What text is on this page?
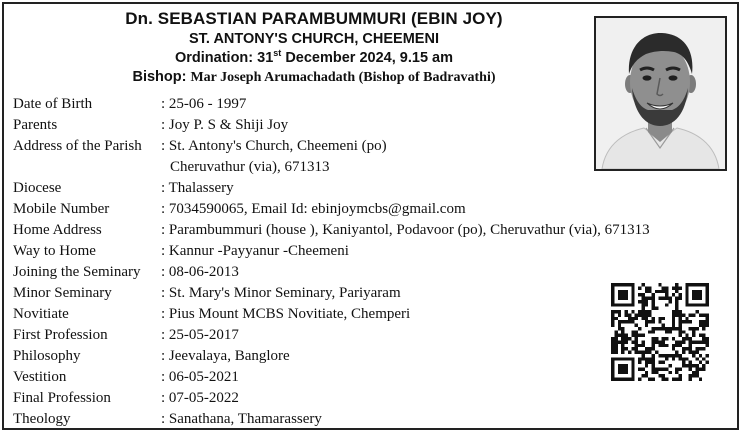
Dn. SEBASTIAN PARAMBUMMURI (EBIN JOY)
ST. ANTONY'S CHURCH, CHEEMENI
Ordination: 31st December 2024, 9.15 am
Bishop: Mar Joseph Arumachadath (Bishop of Badravathi)
Date of Birth	: 25-06 - 1997
Parents	: Joy P. S & Shiji Joy
Address of the Parish : St. Antony's Church, Cheemeni (po)
Cheruvathur (via), 671313
Diocese	: Thalassery
Mobile Number	: 7034590065, Email Id: ebinjoymcbs@gmail.com
Home Address	: Parambummuri (house ), Kaniyantol, Podavoor (po), Cheruvathur (via), 671313
Way to Home	: Kannur -Payyanur -Cheemeni
Joining the Seminary : 08-06-2013
Minor Seminary	: St. Mary's Minor Seminary, Pariyaram
Novitiate	: Pius Mount MCBS Novitiate, Chemperi
First Profession	: 25-05-2017
Philosophy	: Jeevalaya, Banglore
Vestition	: 06-05-2021
Final Profession	: 07-05-2022
Theology	: Sanathana, Thamarassery
